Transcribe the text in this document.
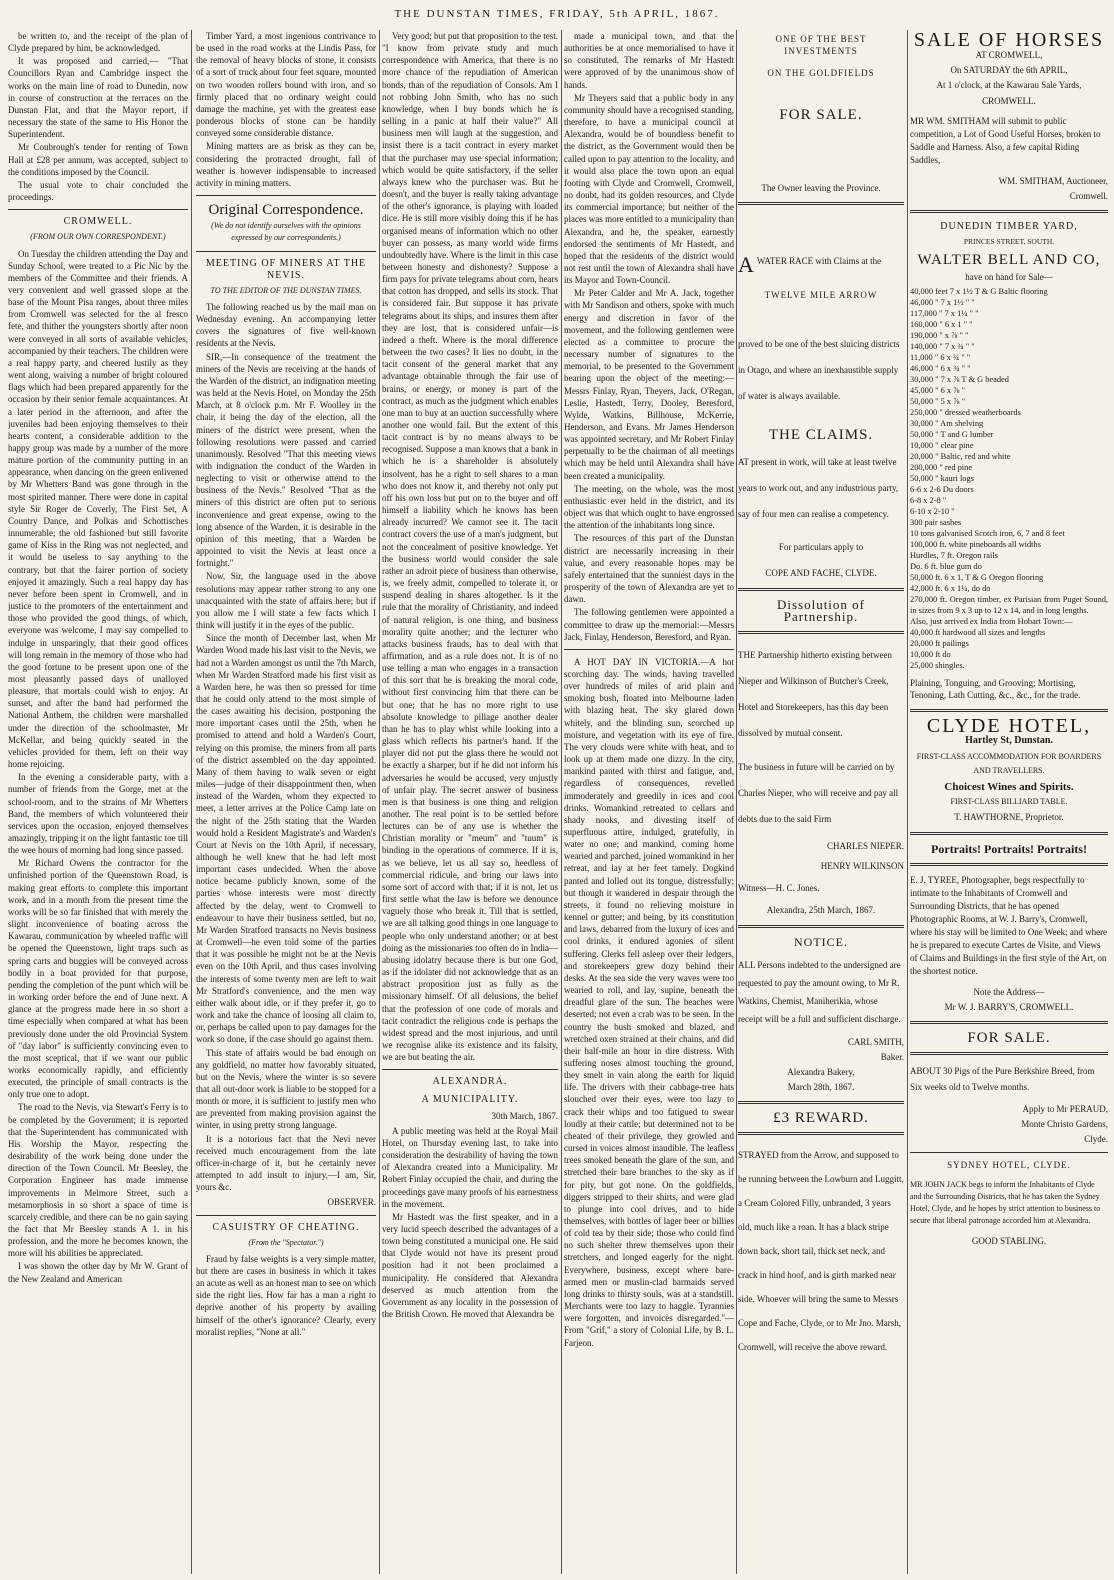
THE DUNSTAN TIMES, FRIDAY, 5th APRIL, 1867.

be written to, and the receipt of the plan of Clyde prepared by him, be acknowledged.

It was proposed and carried,— "That Councillors Ryan and Cambridge inspect the works on the main line of road to Dunedin, now in course of construction at the terraces on the Dunstan Flat, and that the Mayor report, if necessary the state of the same to His Honor the Superintendent.

Mr Coubrough's tender for renting of Town Hall at £28 per annum, was accepted, subject to the conditions imposed by the Council.

The usual vote to chair concluded the proceedings.

CROMWELL.
(FROM OUR OWN CORRESPONDENT.)

On Tuesday the children attending the Day and Sunday School, were treated to a Pic Nic by the members of the Committee and their friends. A very convenient and well grassed slope at the base of the Mount Pisa ranges, about three miles from Cromwell was selected for the al fresco fete, and thither the youngsters shortly after noon were conveyed in all sorts of available vehicles, accompanied by their teachers. The children were a real happy party, and cheered lustily as they went along, waiving a number of bright coloured flags which had been prepared apparently for the occasion by their senior female acquaintances. At a later period in the afternoon, and after the juveniles had been enjoying themselves to their hearts content, a considerable addition to the happy group was made by a number of the more mature portion of the community putting in an appearance, when dancing on the green enlivened by Mr Whetters Band was gone through in the most spirited manner. There were done in capital style Sir Roger de Coverly, The First Set, A Country Dance, and Polkas and Schottisches innumerable; the old fashioned but still favorite game of Kiss in the Ring was not neglected, and it would be useless to say anything to the contrary, but that the fairer portion of society enjoyed it amazingly. Such a real happy day has never before been spent in Cromwell, and in justice to the promoters of the entertainment and those who provided the good things, of which, everyone was welcome, I may say compelled to indulge in unsparingly, that their good offices will long remain in the memory of those who had the good fortune to be present upon one of the most pleasantly passed days of unalloyed pleasure, that mortals could wish to enjoy. At sunset, and after the band had performed the National Anthem, the children were marshalled under the direction of the schoolmaster, Mr McKellar, and being quickly seated in the vehicles provided for them, left on their way home rejoicing.

In the evening a considerable party, with a number of friends from the Gorge, met at the school-room, and to the strains of Mr Whetters Band, the members of which volunteered their services upon the occasion, enjoyed themselves amazingly, tripping it on the light fantastic toe till the wee hours of morning had long since passed.

Mr Richard Owens the contractor for the unfinished portion of the Queenstown Road, is making great efforts to complete this important work, and in a month from the present time the works will be so far finished that with merely the slight inconvenience of boating across the Kawarau, communication by wheeled traffic will be opened the Queenstown, light traps such as spring carts and buggies will be conveyed across bodily in a boat provided for that purpose, pending the completion of the punt which will be in working order before the end of June next. A glance at the progress made here in so short a time especially when compared at what has been previously done under the old Provincial System of "day labor" is sufficiently convincing even to the most sceptical, that if we want our public works economically rapidly, and efficiently executed, the principle of small contracts is the only true one to adopt.

The road to the Nevis, via Stewart's Ferry is to be completed by the Government; it is reported that the Superintendent has communicated with His Worship the Mayor, respecting the desirability of the work being done under the direction of the Town Council. Mr Beesley, the Corporation Engineer has made immense improvements in Melmore Street, such a metamorphosis in so short a space of time is scarcely credible, and there can be no gain saying the fact that Mr Beesley stands A 1. in his profession, and the more he becomes known, the more will his abilities be appreciated.

I was shown the other day by Mr W. Grant of the New Zealand and American

Timber Yard, a most ingenious contrivance to be used in the road works at the Lindis Pass, for the removal of heavy blocks of stone, it consists of a sort of truck about four feet square, mounted on two wooden rollers bound with iron, and so firmly placed that no ordinary weight could damage the machine, yet with the greatest ease ponderous blocks of stone can be handily conveyed some considerable distance.

Mining matters are as brisk as they can be, considering the protracted drought, fall of weather is however indispensable to increased activity in mining matters.

Original Correspondence.
(We do not identify ourselves with the opinions expressed by our correspondents.)
MEETING OF MINERS AT THE NEVIS.
TO THE EDITOR OF THE DUNSTAN TIMES.

The following reached us by the mail man on Wednesday evening. An accompanying letter covers the signatures of five well-known residents at the Nevis.

SIR,—In consequence of the treatment the miners of the Nevis are receiving at the hands of the Warden of the district, an indignation meeting was held at the Nevis Hotel, on Monday the 25th March, at 8 o'clock p.m. Mr F. Woolley in the chair, it being the day of the election, all the miners of the district were present, when the following resolutions were passed and carried unanimously. Resolved "That this meeting views with indignation the conduct of the Warden in neglecting to visit or otherwise attend to the business of the Nevis." Resolved "That as the miners of this district are often put to serious inconvenience and great expense, owing to the long absence of the Warden, it is desirable in the opinion of this meeting, that a Warden be appointed to visit the Nevis at least once a fortnight."

Now, Sir, the language used in the above resolutions may appear rather strong to any one unacquainted with the state of affairs here; but if you allow me I will state a few facts which I think will justify it in the eyes of the public.

Since the month of December last, when Mr Warden Wood made his last visit to the Nevis, we had not a Warden amongst us until the 7th March, when Mr Warden Stratford made his first visit as a Warden here, he was then so pressed for time that he could only attend to the most simple of the cases awaiting his decision, postponing the more important cases until the 25th, when he promised to attend and hold a Warden's Court, relying on this promise, the miners from all parts of the district assembled on the day appointed. Many of them having to walk seven or eight miles—judge of their disappointment then, when instead of the Warden, whom they expected to meet, a letter arrives at the Police Camp late on the night of the 25th stating that the Warden would hold a Resident Magistrate's and Warden's Court at Nevis on the 10th April, if necessary, although he well knew that he had left most important cases undecided. When the above notice became publicly known, some of the parties whose interests were most directly affected by the delay, went to Cromwell to endeavour to have their business settled, but no, Mr Warden Stratford transacts no Nevis business at Cromwell—he even told some of the parties that it was possible he might not be at the Nevis even on the 10th April, and thus cases involving the interests of some twenty men are left to wait Mr Stratford's convenience, and the men way either walk about idle, or if they prefer it, go to work and take the chance of loosing all claim to, or, perhaps be called upon to pay damages for the work so done, if the case should go against them.

This state of affairs would be bad enough on any goldfield, no matter how favorably situated, but on the Nevis, where the winter is so severe that all out-door work is liable to be stopped for a month or more, it is sufficient to justify men who are prevented from making provision against the winter, in using pretty strong language.

It is a notorious fact that the Nevi never received much encouragement from the late officer-in-charge of it, but he certainly never attempted to add insult to injury,—I am, Sir, yours &c.

OBSERVER.
CASUISTRY OF CHEATING.
(From the "Spectator.")

Fraud by false weights is a very simple matter, but there are cases in business in which it takes an acute as well as an honest man to see on which side the right lies. How far has a man a right to deprive another of his property by availing himself of the other's ignorance? Clearly, every moralist replies, "None at all."

Very good; but put that proposition to the test. "I know from private study and much correspondence with America, that there is no more chance of the repudiation of American bonds, than of the repudiation of Consols. Am I not robbing John Smith, who has no such knowledge, when I buy bonds which he is selling in a panic at half their value?" All business men will laugh at the suggestion, and insist there is a tacit contract in every market that the purchaser may use special information; which would be quite satisfactory, if the seller always knew who the purchaser was. But he doesn't, and the buyer is really taking advantage of the other's ignorance, is playing with loaded dice. He is still more visibly doing this if he has organised means of information which no other buyer can possess, as many world wide firms undoubtedly have. Where is the limit in this case between honesty and dishonesty? Suppose a firm pays for private telegrams about corn, hears that cotton has dropped, and sells its stock. That is considered fair. But suppose it has private telegrams about its ships, and insures them after they are lost, that is considered unfair—is indeed a theft. Where is the moral difference between the two cases? It lies no doubt, in the tacit consent of the general market that any advantage obtainable through the fair use of brains, or energy, or money is part of the contract, as much as the judgment which enables one man to buy at an auction successfully where another one would fail. But the extent of this tacit contract is by no means always to be recognised. Suppose a man knows that a bank in which he is a shareholder is absolutely insolvent, has he a right to sell shares to a man who does not know it, and thereby not only put off his own loss but put on to the buyer and off himself a liability which he knows has been already incurred? We cannot see it. The tacit contract covers the use of a man's judgment, but not the concealment of positive knowledge. Yet the business world would consider the sale rather an adroit piece of business than otherwise, is, we freely admit, compelled to tolerate it, or suspend dealing in shares altogether. Is it the rule that the morality of Christianity, and indeed of natural religion, is one thing, and business morality quite another; and the lecturer who attacks business frauds, has to deal with that affirmation, and as a rule does not. It is of no use telling a man who engages in a transaction of this sort that he is breaking the moral code, without first convincing him that there can be but one; that he has no more right to use absolute knowledge to pillage another dealer than he has to play whist while looking into a glass which reflects his partner's hand. If the player did not put the glass there he would not be exactly a sharper, but if he did not inform his adversaries he would be accused, very unjustly of unfair play. The secret answer of business men is that business is one thing and religion another. The real point is to be settled before lectures can be of any use is whether the Christian morality or "meum" and "tuum" is binding in the operations of commerce. If it is, as we believe, let us all say so, heedless of commercial ridicule, and bring our laws into some sort of accord with that; if it is not, let us first settle what the law is before we denounce vaguely those who break it. Till that is settled, we are all talking good things in one language to people who only understand another; or at best doing as the missionaries too often do in India—abusing idolatry because there is but one God, as if the idolater did not acknowledge that as an abstract proposition just as fully as the missionary himself. Of all delusions, the belief that the profession of one code of morals and tacit contradict the religious code is perhaps the widest spread and the most injurious, and until we recognise alike its existence and its falsity, we are but beating the air.

ALEXANDRA.
A MUNICIPALITY.
30th March, 1867.

A public meeting was held at the Royal Mail Hotel, on Thursday evening last, to take into consideration the desirability of having the town of Alexandra created into a Municipality. Mr Robert Finlay occupied the chair, and during the proceedings gave many proofs of his earnestness in the movement.

Mr Hastedt was the first speaker, and in a very lucid speech described the advantages of a town being constituted a municipal one. He said that Clyde would not have its present proud position had it not been proclaimed a municipality. He considered that Alexandra deserved as much attention from the Government as any locality in the possession of the British Crown. He moved that Alexandra be

made a municipal town, and that the authorities be at once memorialised to have it so constituted. The remarks of Mr Hastedt were approved of by the unanimous show of hands.

Mr Theyers said that a public body in any community should have a recognised standing, therefore, to have a municipal council at Alexandra, would be of boundless benefit to the district, as the Government would then be called upon to pay attention to the locality, and it would also place the town upon an equal footing with Clyde and Cromwell, Cromwell, no doubt, had its golden resources, and Clyde its commercial importance; but neither of the places was more entitled to a municipality than Alexandra, and he, the speaker, earnestly endorsed the sentiments of Mr Hastedt, and hoped that the residents of the district would not rest until the town of Alexandra shall have its Mayor and Town-Council.

Mr Peter Calder and Mr A. Jack, together with Mr Sandison and others, spoke with much energy and discretion in favor of the movement, and the following gentlemen were elected as a committee to procure the necessary number of signatures to the memorial, to be presented to the Government bearing upon the object of the meeting:—Messrs Finlay, Ryan, Theyers, Jack, O'Regan, Leslie, Hastedt, Terry, Dooley, Beresford, Wylde, Watkins, Billhouse, McKerrie, Henderson, and Evans. Mr James Henderson was appointed secretary, and Mr Robert Finlay perpetually to be the chairman of all meetings which may be held until Alexandra shall have been created a municipality.

The meeting, on the whole, was the most enthusiastic ever held in the district, and its object was that which ought to have engrossed the attention of the inhabitants long since.

The resources of this part of the Dunstan district are necessarily increasing in their value, and every reasonable hopes may be safely entertained that the sunniest days in the prosperity of the town of Alexandra are yet to dawn.

The following gentlemen were appointed a committee to draw up the memorial:—Messrs Jack, Finlay, Henderson, Beresford, and Ryan.

A HOT DAY IN VICTORIA.—A hot scorching day. The winds, having travelled over hundreds of miles of arid plain and smoking bush, floated into Melbourne laden with blazing heat. The sky glared down whitely, and the blinding sun, scorched up moisture, and vegetation with its eye of fire. The very clouds were white with heat, and to look up at them made one dizzy. In the city, mankind panted with thirst and fatigue, and, regardless of consequences, revelled immoderately and greedily in ices and cool drinks. Womankind retreated to cellars and shady nooks, and divesting itself of superfluous attire, indulged, gratefully, in water no one; and mankind, coming home wearied and parched, joined womankind in her retreat, and lay at her feet tamely. Dogkind panted and lolled out its tongue, distressfully; but though it wandered in despair through the streets, it found no relieving moisture in kennel or gutter; and being, by its constitution and laws, debarred from the luxury of ices and cool drinks, it endured agonies of silent suffering. Clerks fell asleep over their ledgers, and storekeepers grew dozy behind their desks. At the sea side the very waves were too wearied to roll, and lay, supine, beneath the dreadful glare of the sun. The beaches were deserted; not even a crab was to be seen. In the country the bush smoked and blazed, and wretched oxen strained at their chains, and did their half-mile an hour in dire distress. With suffering noses almost touching the ground, they smelt in vain along the earth for liquid life. The drivers with their cabbage-tree hats slouched over their eyes, were too lazy to crack their whips and too fatigued to swear loudly at their cattle; but determined not to be cheated of their privilege, they growled and cursed in voices almost inaudible. The leafless trees smoked beneath the glare of the sun, and stretched their bare branches to the sky as if for pity, but got none. On the goldfields, diggers stripped to their shirts, and were glad to plunge into cool drives, and to hide themselves, with bottles of lager beer or billies of cold tea by their side; those who could find no such shelter threw themselves upon their stretchers, and longed eagerly for the night. Everywhere, business, except where bare-armed men or muslin-clad barmaids served long drinks to thirsty souls, was at a standstill. Merchants were too lazy to haggle. Tyrannies were forgotten, and invoices disregarded."—From "Grif," a story of Colonial Life, by B. L. Farjeon.

ONE OF THE BEST INVESTMENTS
ON THE GOLDFIELDS
FOR SALE.
The Owner leaving the Province.
A WATER RACE with Claims at the
TWELVE MILE ARROW
proved to be one of the best sluicing districts in Otago, and where an inexhaustible supply of water is always available.
THE CLAIMS.
AT present in work, will take at least twelve years to work out, and any industrious party, say of four men can realise a competency.
For particulars apply to
COPE AND FACHE, CLYDE.
Dissolution of Partnership.
THE Partnership hitherto existing between Nieper and Wilkinson of Butcher's Creek, Hotel and Storekeepers, has this day been dissolved by mutual consent.
The business in future will be carried on by Charles Nieper, who will receive and pay all debts due to the said Firm
CHARLES NIEPER.
HENRY WILKINSON
Witness—H. C. Jones.
Alexandra, 25th March, 1867.
NOTICE.
ALL Persons indebted to the undersigned are requested to pay the amount owing, to Mr R. Watkins, Chemist, Maniherikia, whose receipt will be a full and sufficient discharge.
CARL SMITH,
Baker.
Alexandra Bakery,
March 28th, 1867.
£3 REWARD.
STRAYED from the Arrow, and supposed to be running between the Lowburn and Luggitt, a Cream Colored Filly, unbranded, 3 years old, much like a roan. It has a black stripe down back, short tail, thick set neck, and crack in hind hoof, and is girth marked near side. Whoever will bring the same to Messrs Cope and Fache, Clyde, or to Mr Jno. Marsh, Cromwell, will receive the above reward.
SALE OF HORSES
AT CROMWELL,
On SATURDAY the 6th APRIL,
At 1 o'clock, at the Kawarau Sale Yards,
CROMWELL.
MR WM. SMITHAM will submit to public competition, a Lot of Good Useful Horses, broken to Saddle and Harness. Also, a few capital Riding Saddles,
WM. SMITHAM, Auctioneer,
Cromwell.
DUNEDIN TIMBER YARD,
PRINCES STREET, SOUTH.
WALTER BELL AND CO,
have on hand for Sale—
40,000 feet 7 x 1½ T & G Baltic flooring
46,000 " 7 x 1½ " "
117,000 " 7 x 1¼ " "
160,000 " 6 x 1 " "
190,000 " x ⅞ " "
140,000 " 7 x ¾ " "
11,000 " 6 x ¾ " "
46,000 " 6 x ¾ " "
30,000 " 7 x ⅞ T & G beaded
45,000 " 6 x ⅞ "
50,000 " 5 x ⅞ "
250,000 " dressed weatherboards
30,000 " Am shelving
50,000 " T and G lumber
10,000 " clear pine
20,000 " Baltic, red and white
200,000 " red pine
50,000 " kauri logs
6-6 x 2-6 Du doors
6-8 x 2-8 "
6-10 x 2-10 "
300 pair sashes
10 tons galvanised Scotch iron, 6, 7 and 8 feet
100,000 ft. white pineboards all widths
Hurdles, 7 ft. Oregon rails
Do. 6 ft. blue gum do
50,000 ft. 6 x 1, T & G Oregon flooring
42,000 ft. 6 x 1¼, do do
270,000 ft. Oregon timber, ex Parisian from Puget Sound, in sizes from 9 x 3 up to 12 x 14, and in long lengths.
Also, just arrived ex India from Hobart Town:—
40,000 ft hardwood all sizes and lengths
20,000 ft pailings
10,000 ft do
25,000 shingles.
Plaining, Tonguing, and Grooving; Mortising, Tenoning, Lath Cutting, &c., &c., for the trade.
CLYDE HOTEL,
Hartley St, Dunstan.
FIRST-CLASS ACCOMMODATION FOR BOARDERS AND TRAVELLERS.
Choicest Wines and Spirits.
FIRST-CLASS BILLIARD TABLE.
T. HAWTHORNE, Proprietor.
Portraits! Portraits! Portraits!
E. J. TYREE, Photographer, begs respectfully to intimate to the Inhabitants of Cromwell and Surrounding Districts, that he has opened Photographic Rooms, at W. J. Barry's, Cromwell, where his stay will be limited to One Week; and where he is prepared to execute Cartes de Visite, and Views of Claims and Buildings in the first style of the Art, on the shortest notice.
Note the Address—
Mr W. J. BARRY'S, CROMWELL.
FOR SALE.
ABOUT 30 Pigs of the Pure Berkshire Breed, from Six weeks old to Twelve months.
Apply to Mr PERAUD,
Monte Christo Gardens,
Clyde.
SYDNEY HOTEL, CLYDE.
MR JOHN JACK begs to inform the Inhabitants of Clyde and the Surrounding Districts, that he has taken the Sydney Hotel, Clyde, and he hopes by strict attention to business to secure that liberal patronage accorded him at Alexandra.
GOOD STABLING.
